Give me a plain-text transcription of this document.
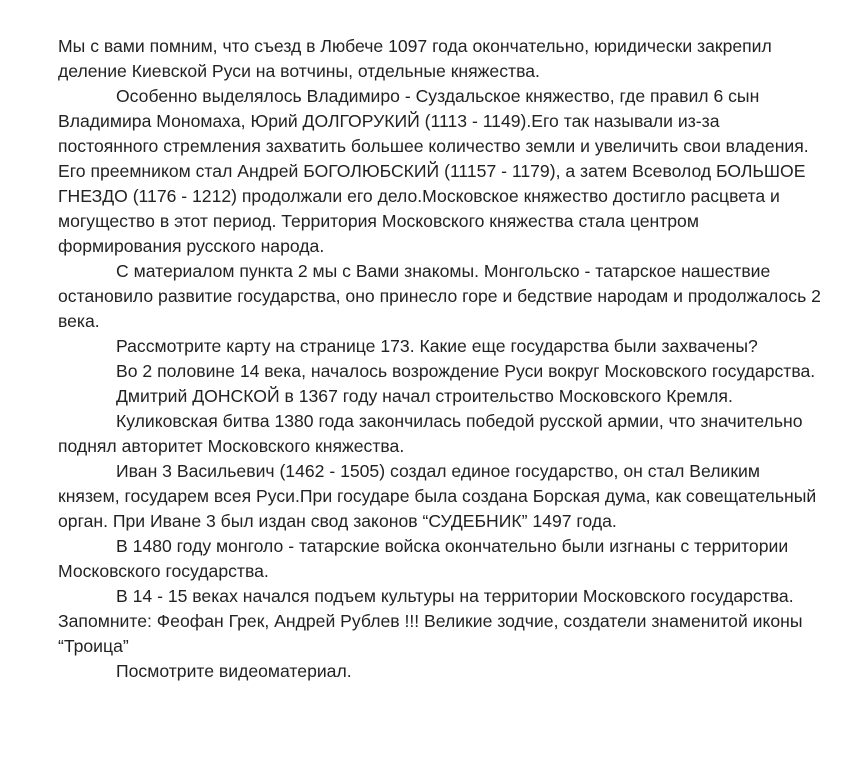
Мы с вами помним, что съезд в Любече 1097 года окончательно, юридически закрепил деление Киевской Руси на вотчины, отдельные княжества.

Особенно выделялось Владимиро - Суздальское княжество, где правил 6 сын Владимира Мономаха, Юрий ДОЛГОРУКИЙ (1113 - 1149).Его так называли из-за постоянного стремления захватить большее количество земли и увеличить свои владения.

Его преемником стал Андрей БОГОЛЮБСКИЙ (11157 - 1179), а затем Всеволод БОЛЬШОЕ ГНЕЗДО (1176 - 1212) продолжали его дело.Московское княжество достигло расцвета и могущество в этот период. Территория Московского княжества стала центром формирования русского народа.

С материалом пункта 2 мы с Вами знакомы. Монгольско - татарское нашествие остановило развитие государства, оно принесло горе и бедствие народам и продолжалось 2 века.

Рассмотрите карту на странице 173. Какие еще государства были захвачены?

Во 2 половине 14 века, началось возрождение Руси вокруг Московского государства.

Дмитрий ДОНСКОЙ в 1367 году начал строительство Московского Кремля.

Куликовская битва 1380 года закончилась победой русской армии, что значительно поднял авторитет Московского княжества.

Иван 3 Васильевич (1462 - 1505) создал единое государство, он стал Великим князем, государем всея Руси.При государе была создана Борская дума, как совещательный орган. При Иване 3 был издан свод законов “СУДЕБНИК” 1497 года.

В 1480 году монголо - татарские войска окончательно были изгнаны с территории Московского государства.

В 14 - 15 веках начался подъем культуры на территории Московского государства. Запомните: Феофан Грек, Андрей Рублев !!! Великие зодчие, создатели знаменитой иконы “Троица”

Посмотрите видеоматериал.
